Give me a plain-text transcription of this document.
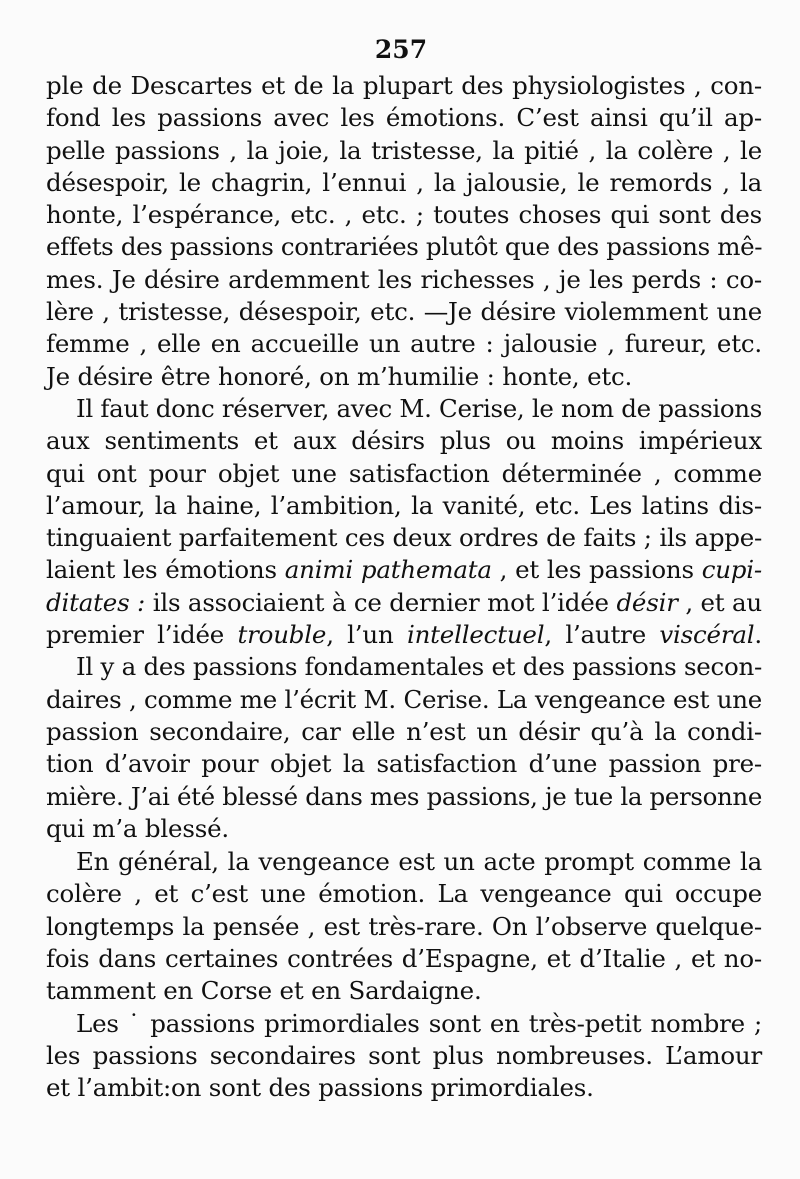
257
ple de Descartes et de la plupart des physiologistes , con-
fond les passions avec les émotions. C’est ainsi qu’il ap-
pelle passions , la joie, la tristesse, la pitié , la colère , le
désespoir, le chagrin, l’ennui , la jalousie, le remords , la
honte, l’espérance, etc. , etc. ; toutes choses qui sont des
effets des passions contrariées plutôt que des passions mê-
mes. Je désire ardemment les richesses , je les perds : co-
lère , tristesse, désespoir, etc. —Je désire violemment une
femme , elle en accueille un autre : jalousie , fureur, etc.
Je désire être honoré, on m’humilie : honte, etc.
Il faut donc réserver, avec M. Cerise, le nom de passions
aux sentiments et aux désirs plus ou moins impérieux
qui ont pour objet une satisfaction déterminée , comme
l’amour, la haine, l’ambition, la vanité, etc. Les latins dis-
tinguaient parfaitement ces deux ordres de faits ; ils appe-
laient les émotions animi pathemata , et les passions cupi-
ditates : ils associaient à ce dernier mot l’idée désir , et au
premier l’idée trouble, l’un intellectuel, l’autre viscéral.
Il y a des passions fondamentales et des passions secon-
daires , comme me l’écrit M. Cerise. La vengeance est une
passion secondaire, car elle n’est un désir qu’à la condi-
tion d’avoir pour objet la satisfaction d’une passion pre-
mière. J’ai été blessé dans mes passions, je tue la personne
qui m’a blessé.
En général, la vengeance est un acte prompt comme la
colère , et c’est une émotion. La vengeance qui occupe
longtemps la pensée , est très-rare. On l’observe quelque-
fois dans certaines contrées d’Espagne, et d’Italie , et no-
tamment en Corse et en Sardaigne.
Les ˙ passions primordiales sont en très-petit nombre ;
les passions secondaires sont plus nombreuses. L’amour
et l’ambit:on sont des passions primordiales.
